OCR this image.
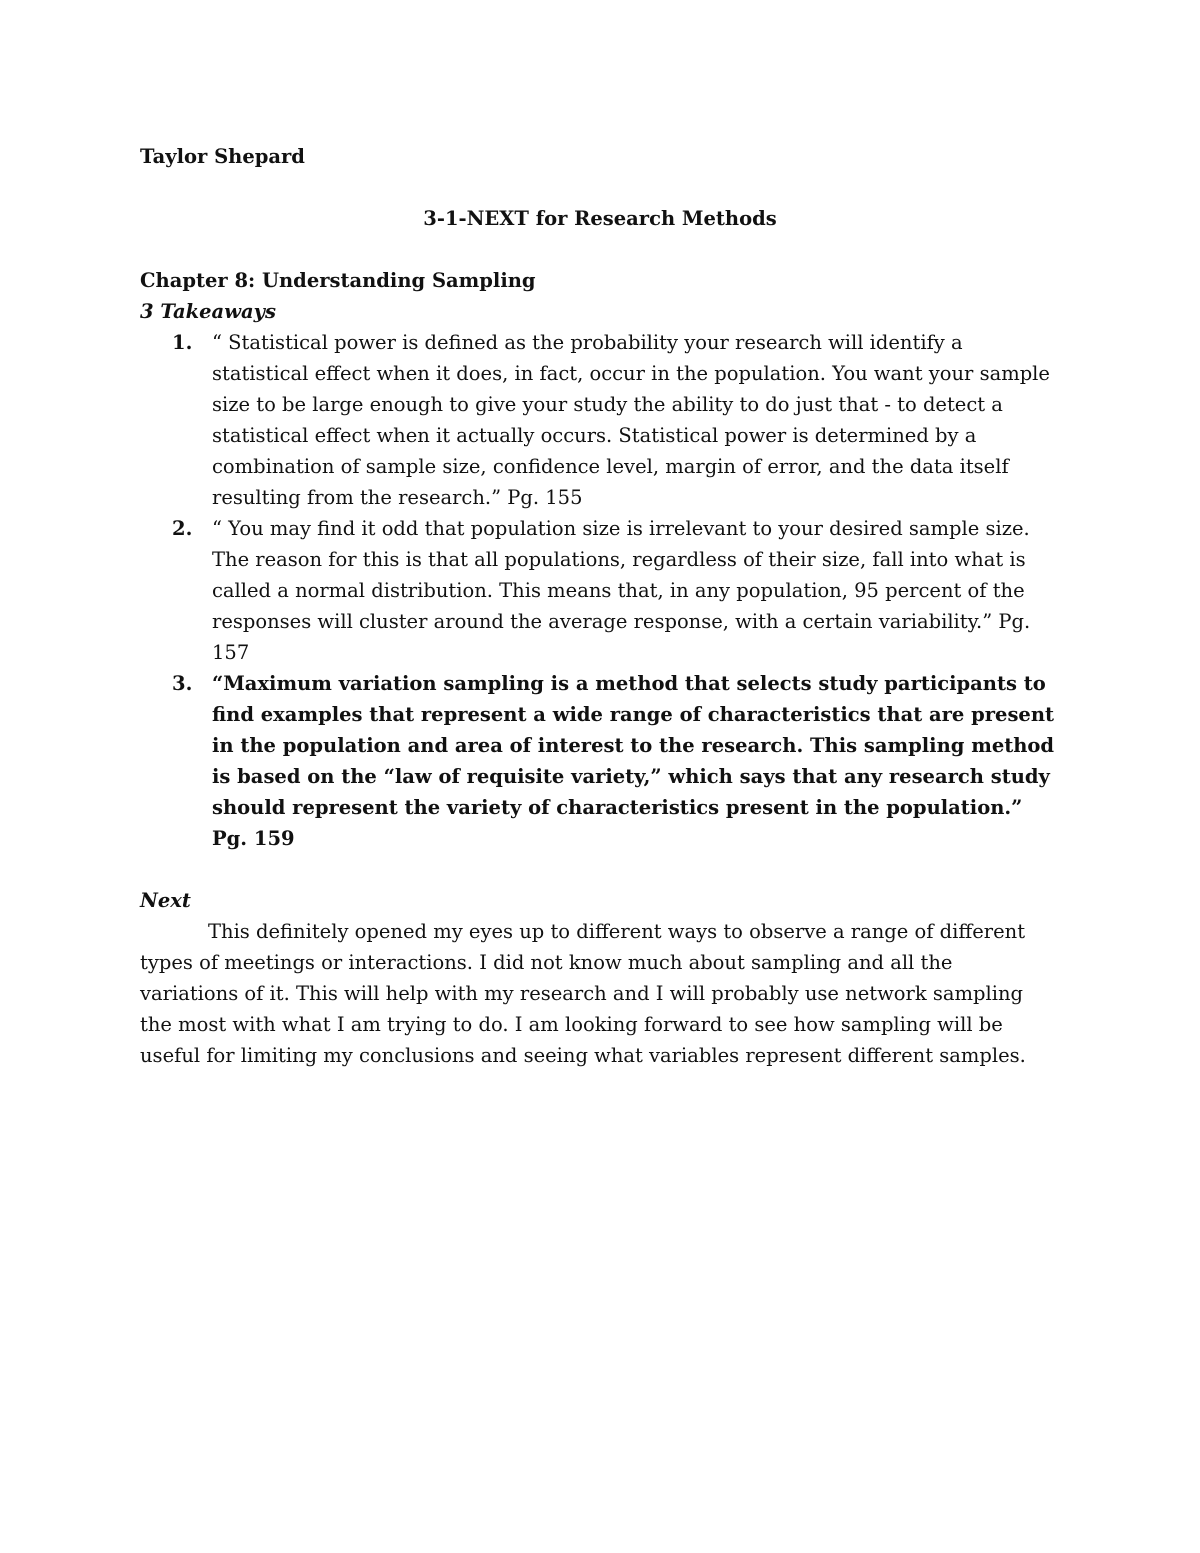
Taylor Shepard

3-1-NEXT for Research Methods

Chapter 8: Understanding Sampling

3 Takeaways

1. “ Statistical power is defined as the probability your research will identify a statistical effect when it does, in fact, occur in the population. You want your sample size to be large enough to give your study the ability to do just that - to detect a statistical effect when it actually occurs. Statistical power is determined by a combination of sample size, confidence level, margin of error, and the data itself resulting from the research.” Pg. 155
2. “ You may find it odd that population size is irrelevant to your desired sample size. The reason for this is that all populations, regardless of their size, fall into what is called a normal distribution. This means that, in any population, 95 percent of the responses will cluster around the average response, with a certain variability.” Pg. 157
3. “Maximum variation sampling is a method that selects study participants to find examples that represent a wide range of characteristics that are present in the population and area of interest to the research. This sampling method is based on the “law of requisite variety,” which says that any research study should represent the variety of characteristics present in the population.” Pg. 159

Next

This definitely opened my eyes up to different ways to observe a range of different types of meetings or interactions. I did not know much about sampling and all the variations of it. This will help with my research and I will probably use network sampling the most with what I am trying to do. I am looking forward to see how sampling will be useful for limiting my conclusions and seeing what variables represent different samples.
